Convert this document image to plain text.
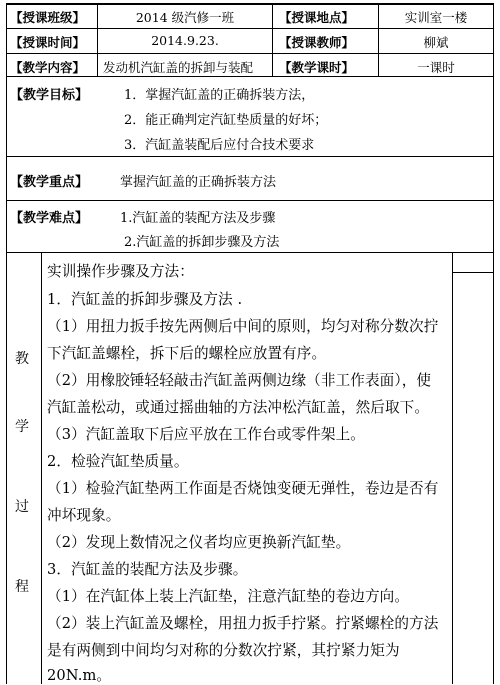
【授课班级】	2014 级汽修一班	【授课地点】	实训室一楼
【授课时间】	2014.9.23.	【授课教师】	柳斌
【教学内容】 发动机汽缸盖的拆卸与装配 【教学课时】	一课时
【教学目标】	1．掌握汽缸盖的正确拆装方法，
2．能正确判定汽缸垫质量的好坏；
3．汽缸盖装配后应付合技术要求
【教学重点】 掌握汽缸盖的正确拆装方法
【教学难点】 1.汽缸盖的装配方法及步骤
2.汽缸盖的拆卸步骤及方法
教
学
过
程
实训操作步骤及方法：
1．汽缸盖的拆卸步骤及方法 .
（1）用扭力扳手按先两侧后中间的原则，均匀对称分数次拧
下汽缸盖螺栓，拆下后的螺栓应放置有序。
（2）用橡胶锤轻轻敲击汽缸盖两侧边缘（非工作表面），使
汽缸盖松动，或通过摇曲轴的方法冲松汽缸盖，然后取下。
（3）汽缸盖取下后应平放在工作台或零件架上。
2．检验汽缸垫质量。
（1）检验汽缸垫两工作面是否烧蚀变硬无弹性，卷边是否有
冲坏现象。
（2）发现上数情况之仪者均应更换新汽缸垫。
3．汽缸盖的装配方法及步骤。
（1）在汽缸体上装上汽缸垫，注意汽缸垫的卷边方向。
（2）装上汽缸盖及螺栓，用扭力扳手拧紧。拧紧螺栓的方法
是有两侧到中间均匀对称的分数次拧紧，其拧紧力矩为
20N.m。
